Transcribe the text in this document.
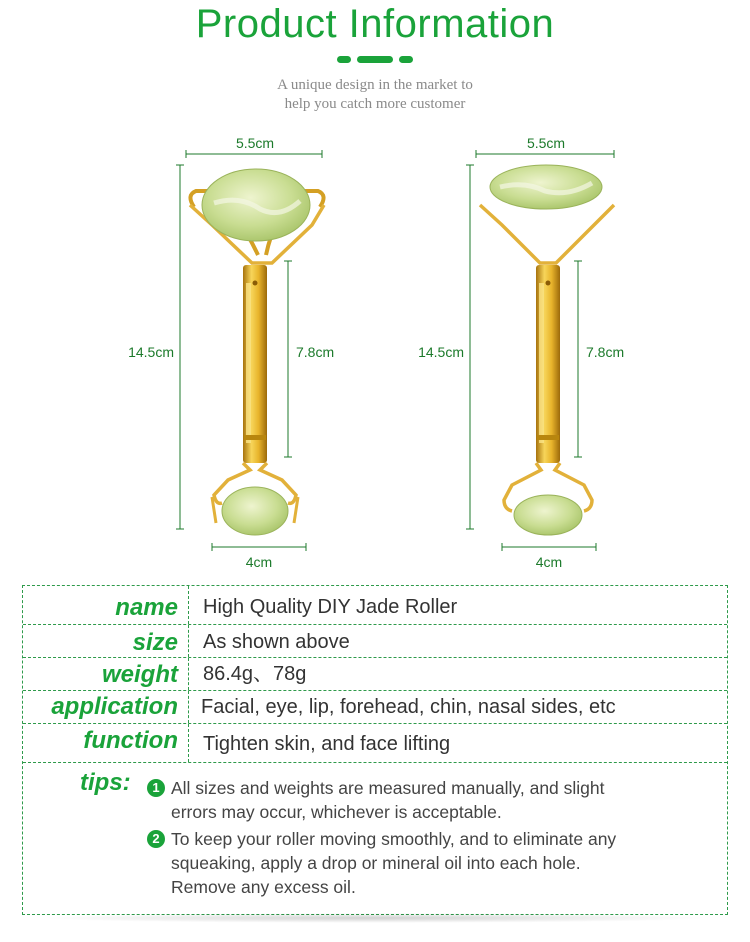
Product Information
A unique design in the market to
help you catch more customer
5.5cm
14.5cm	7.8cm
4cm
5.5cm
14.5cm	7.8cm
4cm
name	High Quality DIY Jade Roller
size	As shown above
weight	86.4g、78g
application	Facial, eye, lip, forehead, chin, nasal sides, etc
function	Tighten skin, and face lifting
tips:	1 All sizes and weights are measured manually, and slight
errors may occur, whichever is acceptable.
2 To keep your roller moving smoothly, and to eliminate any
squeaking, apply a drop or mineral oil into each hole.
Remove any excess oil.
